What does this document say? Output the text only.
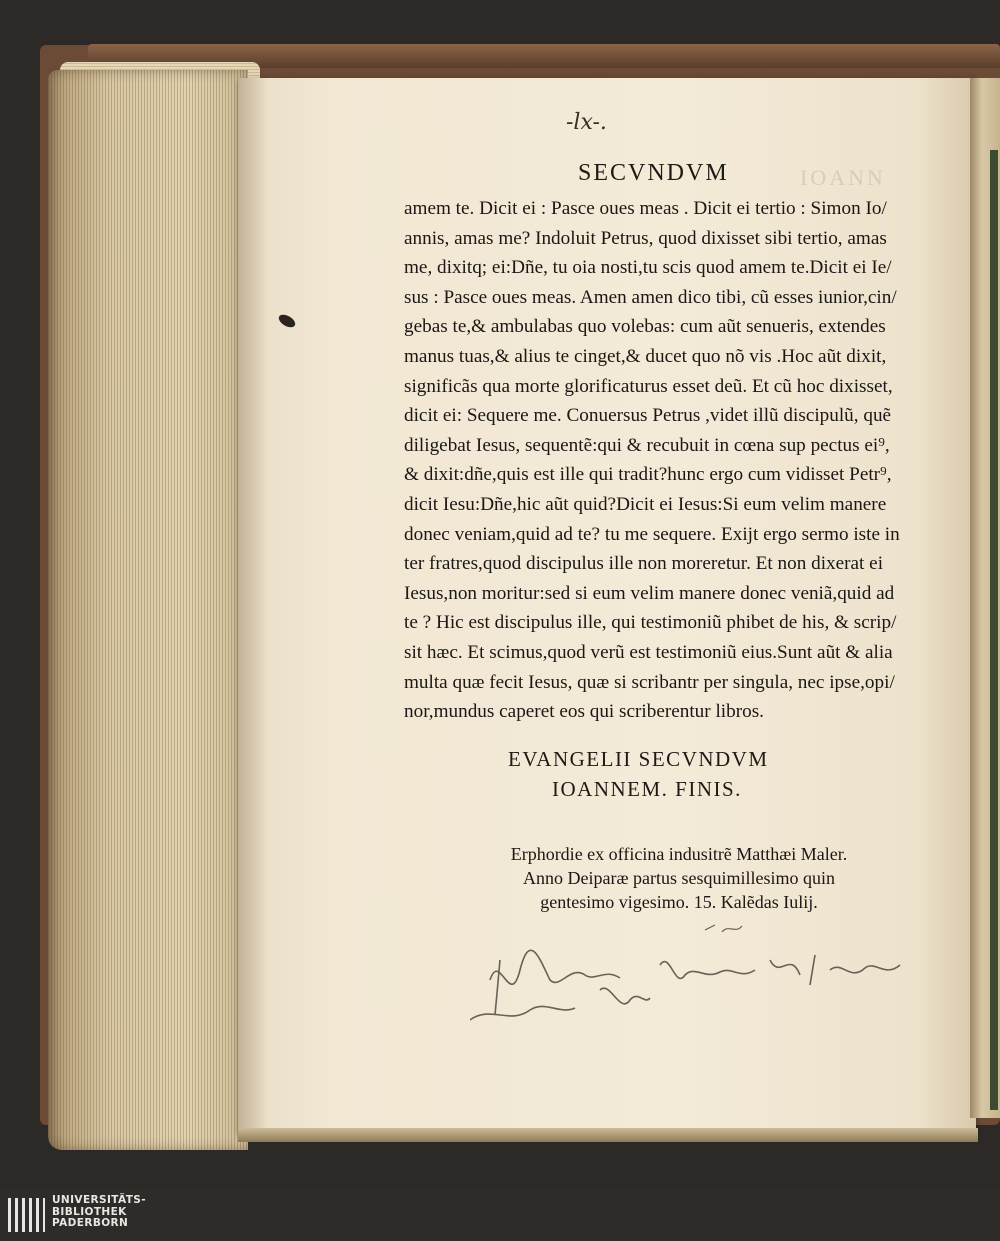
-lx-.
IOANN
SECVNDVM
amem te. Dicit ei : Pasce oues meas . Dicit ei tertio : Simon Io/
annis, amas me? Indoluit Petrus, quod dixisset sibi tertio, amas
me, dixitq; ei:Dñe, tu oia nosti,tu scis quod amem te.Dicit ei Ie/
sus : Pasce oues meas. Amen amen dico tibi, cũ esses iunior,cin/
gebas te,& ambulabas quo volebas: cum aũt senueris, extendes
manus tuas,& alius te cinget,& ducet quo nõ vis .Hoc aũt dixit,
significãs qua morte glorificaturus esset deũ. Et cũ hoc dixisset,
dicit ei: Sequere me. Conuersus Petrus ,videt illũ discipulũ, quẽ
diligebat Iesus, sequentẽ:qui & recubuit in cœna sup pectus ei⁹,
& dixit:dñe,quis est ille qui tradit?hunc ergo cum vidisset Petr⁹,
dicit Iesu:Dñe,hic aũt quid?Dicit ei Iesus:Si eum velim manere
donec veniam,quid ad te? tu me sequere. Exijt ergo sermo iste in
ter fratres,quod discipulus ille non moreretur. Et non dixerat ei
Iesus,non moritur:sed si eum velim manere donec veniã,quid ad
te ? Hic est discipulus ille, qui testimoniũ phibet de his, & scrip/
sit hæc. Et scimus,quod verũ est testimoniũ eius.Sunt aũt & alia
multa quæ fecit Iesus, quæ si scribantr per singula, nec ipse,opi/
nor,mundus caperet eos qui scriberentur libros.
EVANGELII SECVNDVM
IOANNEM. FINIS.
Erphordie ex officina indusitrẽ Matthæi Maler.
Anno Deiparæ partus sesquimillesimo quin
gentesimo vigesimo. 15. Kalẽdas Iulij.
UNIVERSITÄTS-
BIBLIOTHEK
PADERBORN
